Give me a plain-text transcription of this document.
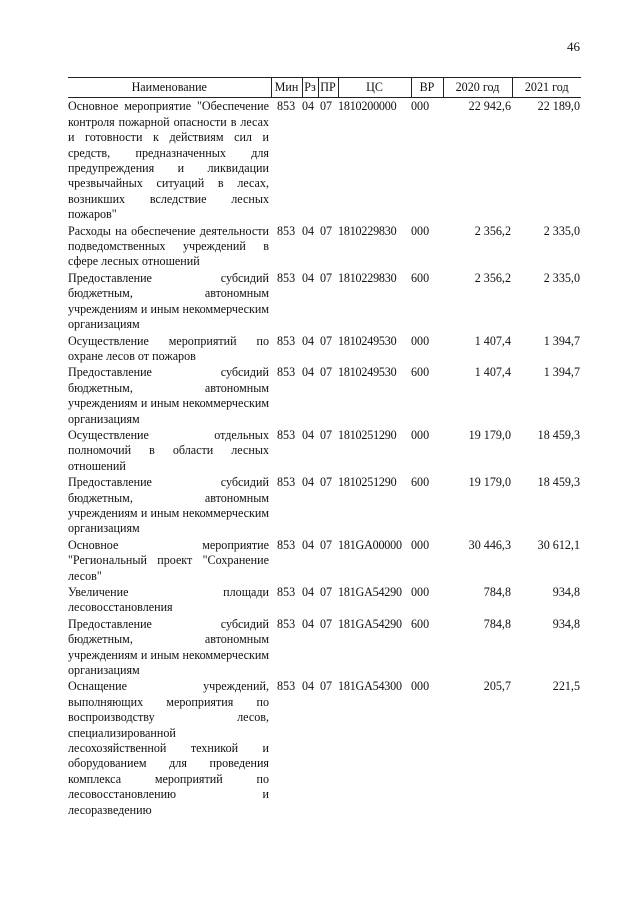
46
Наименование	Мин	Рз	ПР	ЦС	ВР	2020 год	2021 год
Основное мероприятие "Обеспечение контроля пожарной опасности в лесах и готовности к действиям сил и средств, предназначенных для предупреждения и ликвидации чрезвычайных ситуаций в лесах, возникших вследствие лесных пожаров"	853	04	07	1810200000	000	22 942,6	22 189,0
Расходы на обеспечение деятельности подведомственных учреждений в сфере лесных отношений	853	04	07	1810229830	000	2 356,2	2 335,0
Предоставление субсидий бюджетным, автономным учреждениям и иным некоммерческим организациям	853	04	07	1810229830	600	2 356,2	2 335,0
Осуществление мероприятий по охране лесов от пожаров	853	04	07	1810249530	000	1 407,4	1 394,7
Предоставление субсидий бюджетным, автономным учреждениям и иным некоммерческим организациям	853	04	07	1810249530	600	1 407,4	1 394,7
Осуществление отдельных полномочий в области лесных отношений	853	04	07	1810251290	000	19 179,0	18 459,3
Предоставление субсидий бюджетным, автономным учреждениям и иным некоммерческим организациям	853	04	07	1810251290	600	19 179,0	18 459,3
Основное мероприятие "Региональный проект "Сохранение лесов"	853	04	07	181GA00000	000	30 446,3	30 612,1
Увеличение площади лесовосстановления	853	04	07	181GA54290	000	784,8	934,8
Предоставление субсидий бюджетным, автономным учреждениям и иным некоммерческим организациям	853	04	07	181GA54290	600	784,8	934,8
Оснащение учреждений, выполняющих мероприятия по воспроизводству лесов, специализированной лесохозяйственной техникой и оборудованием для проведения комплекса мероприятий по лесовосстановлению и лесоразведению	853	04	07	181GA54300	000	205,7	221,5
